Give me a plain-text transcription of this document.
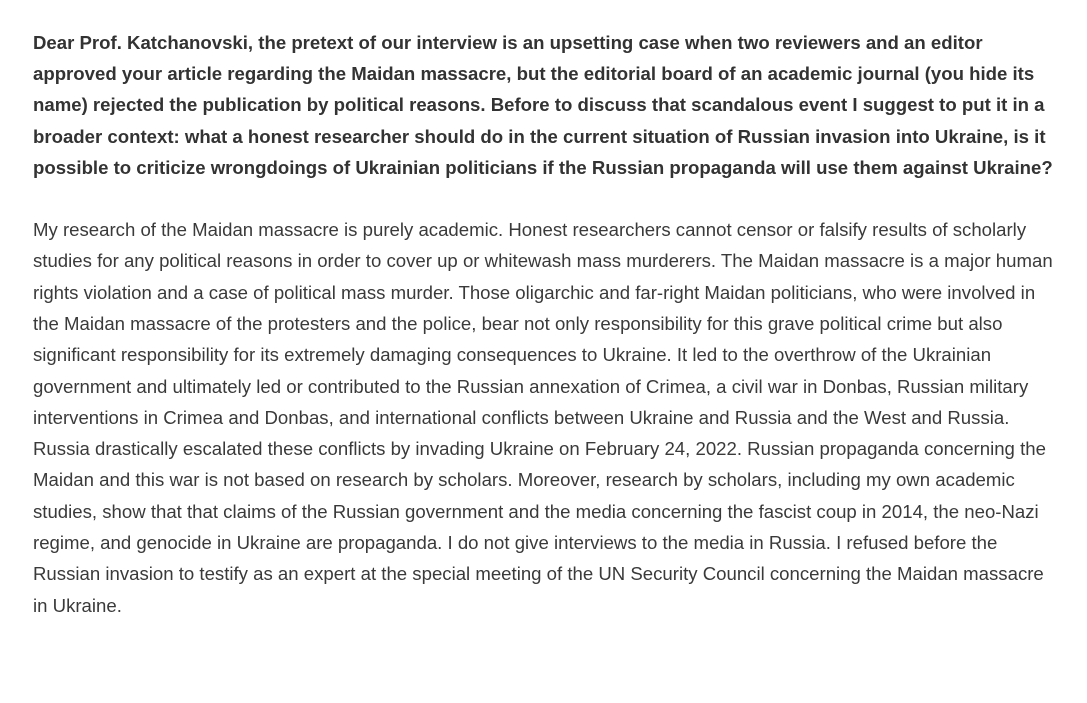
Dear Prof. Katchanovski, the pretext of our interview is an upsetting case when two reviewers and an editor approved your article regarding the Maidan massacre, but the editorial board of an academic journal (you hide its name) rejected the publication by political reasons. Before to discuss that scandalous event I suggest to put it in a broader context: what a honest researcher should do in the current situation of Russian invasion into Ukraine, is it possible to criticize wrongdoings of Ukrainian politicians if the Russian propaganda will use them against Ukraine?

My research of the Maidan massacre is purely academic. Honest researchers cannot censor or falsify results of scholarly studies for any political reasons in order to cover up or whitewash mass murderers. The Maidan massacre is a major human rights violation and a case of political mass murder. Those oligarchic and far-right Maidan politicians, who were involved in the Maidan massacre of the protesters and the police, bear not only responsibility for this grave political crime but also significant responsibility for its extremely damaging consequences to Ukraine. It led to the overthrow of the Ukrainian government and ultimately led or contributed to the Russian annexation of Crimea, a civil war in Donbas, Russian military interventions in Crimea and Donbas, and international conflicts between Ukraine and Russia and the West and Russia. Russia drastically escalated these conflicts by invading Ukraine on February 24, 2022. Russian propaganda concerning the Maidan and this war is not based on research by scholars. Moreover, research by scholars, including my own academic studies, show that that claims of the Russian government and the media concerning the fascist coup in 2014, the neo-Nazi regime, and genocide in Ukraine are propaganda. I do not give interviews to the media in Russia. I refused before the Russian invasion to testify as an expert at the special meeting of the UN Security Council concerning the Maidan massacre in Ukraine.
